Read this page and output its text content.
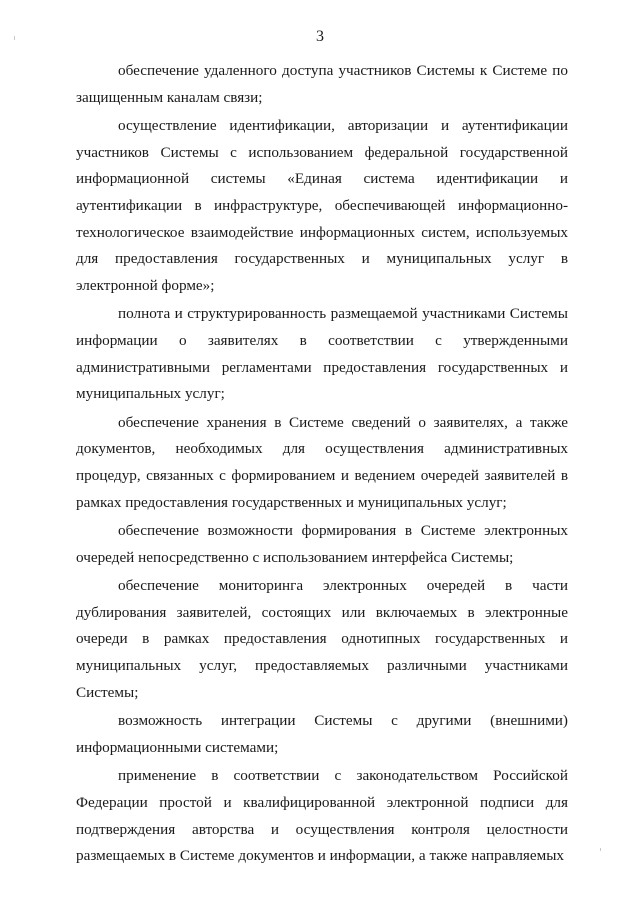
3

обеспечение удаленного доступа участников Системы к Системе по защищенным каналам связи;

осуществление идентификации, авторизации и аутентификации участников Системы с использованием федеральной государственной информационной системы «Единая система идентификации и аутентификации в инфраструктуре, обеспечивающей информационно-технологическое взаимодействие информационных систем, используемых для предоставления государственных и муниципальных услуг в электронной форме»;

полнота и структурированность размещаемой участниками Системы информации о заявителях в соответствии с утвержденными административными регламентами предоставления государственных и муниципальных услуг;

обеспечение хранения в Системе сведений о заявителях, а также документов, необходимых для осуществления административных процедур, связанных с формированием и ведением очередей заявителей в рамках предоставления государственных и муниципальных услуг;

обеспечение возможности формирования в Системе электронных очередей непосредственно с использованием интерфейса Системы;

обеспечение мониторинга электронных очередей в части дублирования заявителей, состоящих или включаемых в электронные очереди в рамках предоставления однотипных государственных и муниципальных услуг, предоставляемых различными участниками Системы;

возможность интеграции Системы с другими (внешними) информационными системами;

применение в соответствии с законодательством Российской Федерации простой и квалифицированной электронной подписи для подтверждения авторства и осуществления контроля целостности размещаемых в Системе документов и информации, а также направляемых
